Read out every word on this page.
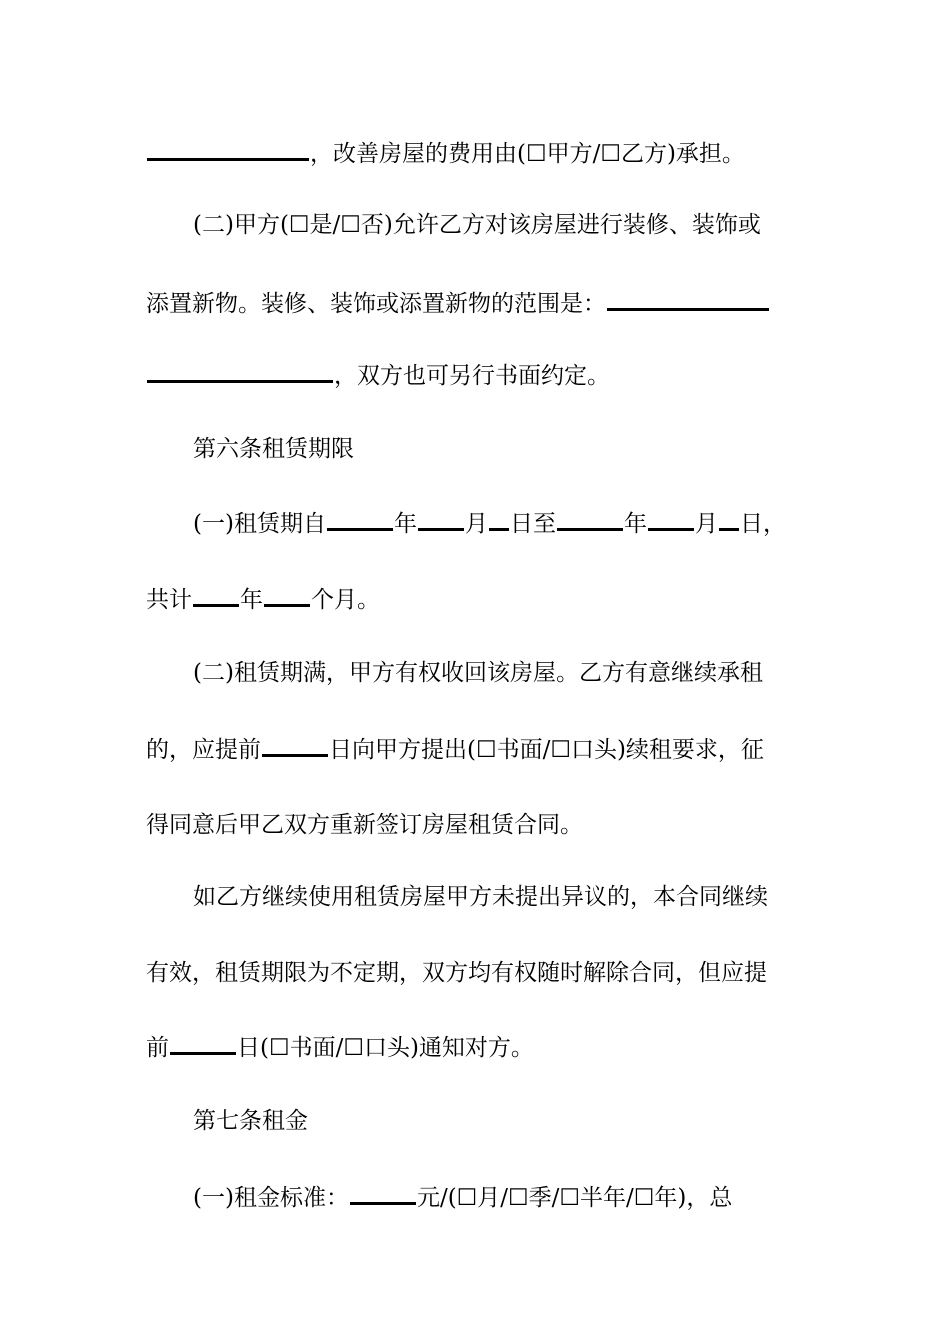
，改善房屋的费用由(☐甲方/☐乙方)承担。
(二)甲方(☐是/☐否)允许乙方对该房屋进行装修、装饰或
添置新物。装修、装饰或添置新物的范围是：
，双方也可另行书面约定。
第六条租赁期限
(一)租赁期自	年 月 日至	年 月 日，
共计 年 个月。
(二)租赁期满，甲方有权收回该房屋。乙方有意继续承租
的，应提前	日向甲方提出(☐书面/☐口头)续租要求，征
得同意后甲乙双方重新签订房屋租赁合同。
如乙方继续使用租赁房屋甲方未提出异议的，本合同继续
有效，租赁期限为不定期，双方均有权随时解除合同，但应提
前	日(☐书面/☐口头)通知对方。
第七条租金
(一)租金标准：	元/(☐月/☐季/☐半年/☐年)，总
